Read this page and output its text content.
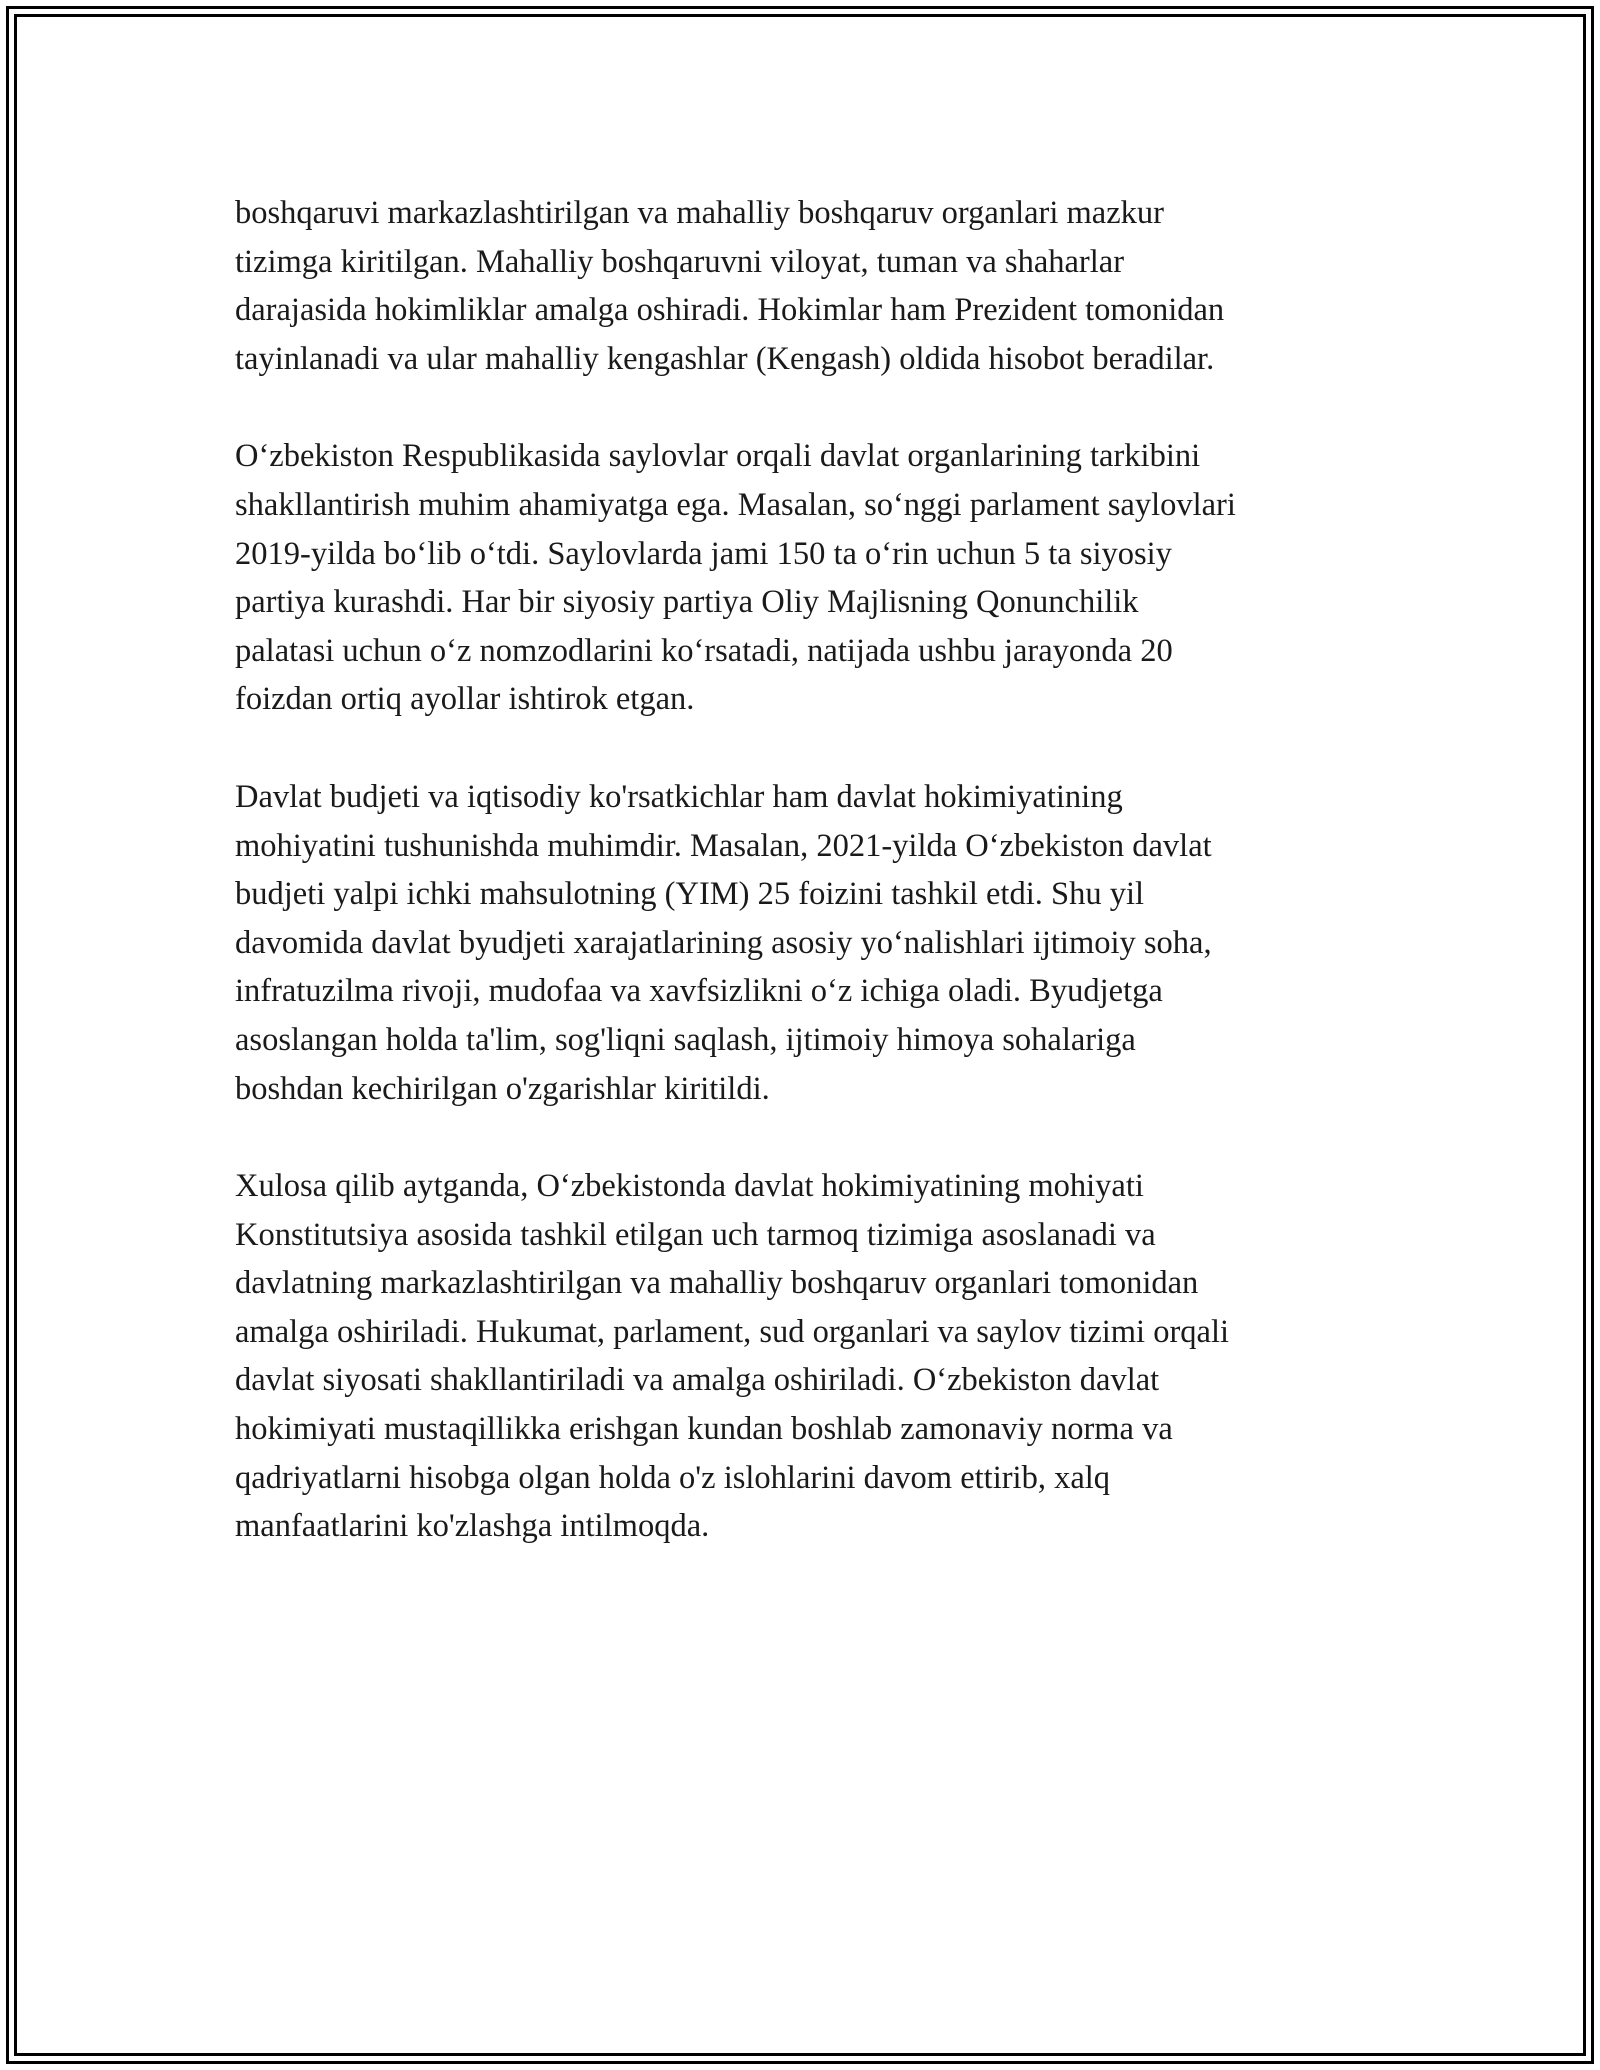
boshqaruvi markazlashtirilgan va mahalliy boshqaruv organlari mazkur
tizimga kiritilgan. Mahalliy boshqaruvni viloyat, tuman va shaharlar
darajasida hokimliklar amalga oshiradi. Hokimlar ham Prezident tomonidan
tayinlanadi va ular mahalliy kengashlar (Kengash) oldida hisobot beradilar.

O‘zbekiston Respublikasida saylovlar orqali davlat organlarining tarkibini
shakllantirish muhim ahamiyatga ega. Masalan, so‘nggi parlament saylovlari
2019-yilda bo‘lib o‘tdi. Saylovlarda jami 150 ta o‘rin uchun 5 ta siyosiy
partiya kurashdi. Har bir siyosiy partiya Oliy Majlisning Qonunchilik
palatasi uchun o‘z nomzodlarini ko‘rsatadi, natijada ushbu jarayonda 20
foizdan ortiq ayollar ishtirok etgan.

Davlat budjeti va iqtisodiy ko'rsatkichlar ham davlat hokimiyatining
mohiyatini tushunishda muhimdir. Masalan, 2021-yilda O‘zbekiston davlat
budjeti yalpi ichki mahsulotning (YIM) 25 foizini tashkil etdi. Shu yil
davomida davlat byudjeti xarajatlarining asosiy yo‘nalishlari ijtimoiy soha,
infratuzilma rivoji, mudofaa va xavfsizlikni o‘z ichiga oladi. Byudjetga
asoslangan holda ta'lim, sog'liqni saqlash, ijtimoiy himoya sohalariga
boshdan kechirilgan o'zgarishlar kiritildi.

Xulosa qilib aytganda, O‘zbekistonda davlat hokimiyatining mohiyati
Konstitutsiya asosida tashkil etilgan uch tarmoq tizimiga asoslanadi va
davlatning markazlashtirilgan va mahalliy boshqaruv organlari tomonidan
amalga oshiriladi. Hukumat, parlament, sud organlari va saylov tizimi orqali
davlat siyosati shakllantiriladi va amalga oshiriladi. O‘zbekiston davlat
hokimiyati mustaqillikka erishgan kundan boshlab zamonaviy norma va
qadriyatlarni hisobga olgan holda o'z islohlarini davom ettirib, xalq
manfaatlarini ko'zlashga intilmoqda.
